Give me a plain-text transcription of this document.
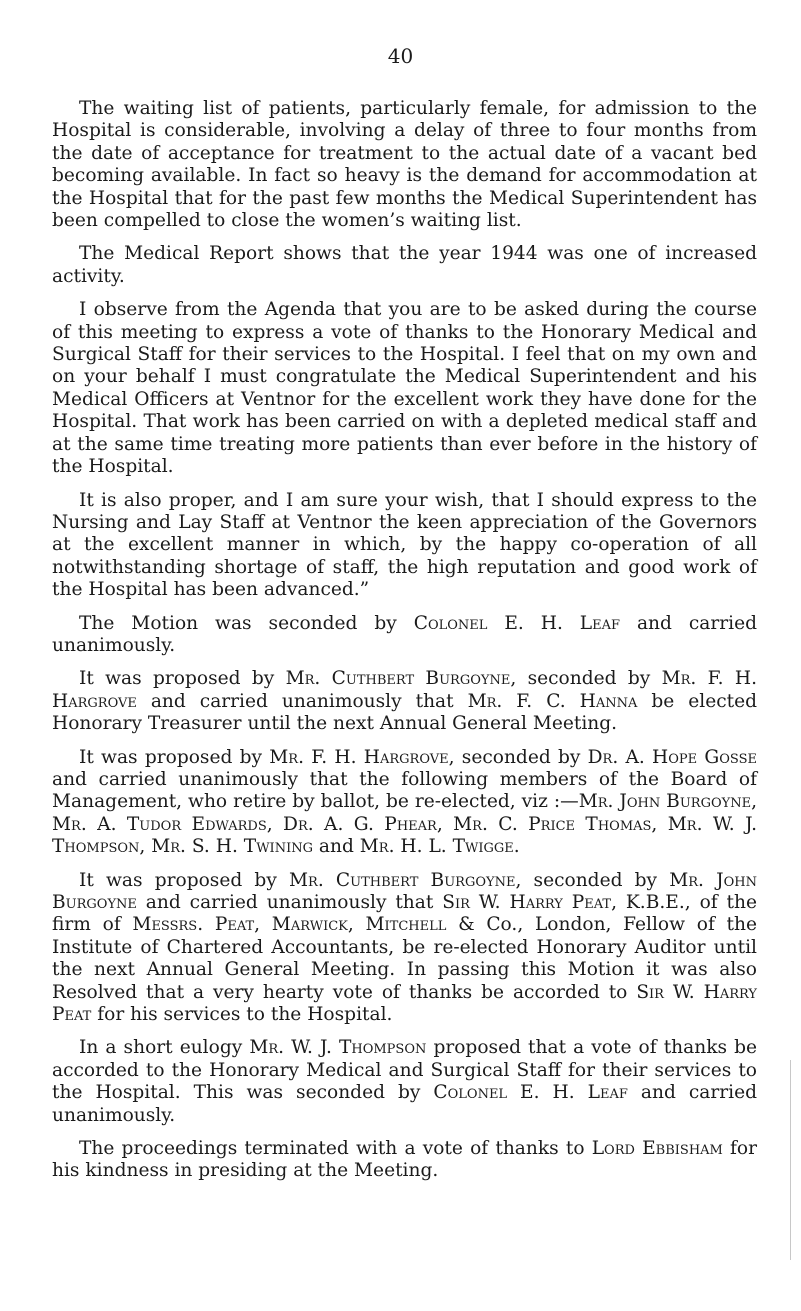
40

The waiting list of patients, particularly female, for admission to the Hospital is considerable, involving a delay of three to four months from the date of acceptance for treatment to the actual date of a vacant bed becoming available. In fact so heavy is the demand for accommodation at the Hospital that for the past few months the Medical Superintendent has been compelled to close the women’s waiting list.

The Medical Report shows that the year 1944 was one of increased activity.

I observe from the Agenda that you are to be asked during the course of this meeting to express a vote of thanks to the Honorary Medical and Surgical Staff for their services to the Hospital. I feel that on my own and on your behalf I must congratulate the Medical Superintendent and his Medical Officers at Ventnor for the excellent work they have done for the Hospital. That work has been carried on with a depleted medical staff and at the same time treating more patients than ever before in the history of the Hospital.

It is also proper, and I am sure your wish, that I should express to the Nursing and Lay Staff at Ventnor the keen appreciation of the Governors at the excellent manner in which, by the happy co-operation of all notwithstanding shortage of staff, the high reputation and good work of the Hospital has been advanced.”

The Motion was seconded by Colonel E. H. Leaf and carried unanimously.

It was proposed by Mr. Cuthbert Burgoyne, seconded by Mr. F. H. Hargrove and carried unanimously that Mr. F. C. Hanna be elected Honorary Treasurer until the next Annual General Meeting.

It was proposed by Mr. F. H. Hargrove, seconded by Dr. A. Hope Gosse and carried unanimously that the following members of the Board of Management, who retire by ballot, be re-elected, viz :—Mr. John Burgoyne, Mr. A. Tudor Edwards, Dr. A. G. Phear, Mr. C. Price Thomas, Mr. W. J. Thompson, Mr. S. H. Twining and Mr. H. L. Twigge.

It was proposed by Mr. Cuthbert Burgoyne, seconded by Mr. John Burgoyne and carried unanimously that Sir W. Harry Peat, K.B.E., of the firm of Messrs. Peat, Marwick, Mitchell & Co., London, Fellow of the Institute of Chartered Accountants, be re-elected Honorary Auditor until the next Annual General Meeting. In passing this Motion it was also Resolved that a very hearty vote of thanks be accorded to Sir W. Harry Peat for his services to the Hospital.

In a short eulogy Mr. W. J. Thompson proposed that a vote of thanks be accorded to the Honorary Medical and Surgical Staff for their services to the Hospital. This was seconded by Colonel E. H. Leaf and carried unanimously.

The proceedings terminated with a vote of thanks to Lord Ebbisham for his kindness in presiding at the Meeting.
